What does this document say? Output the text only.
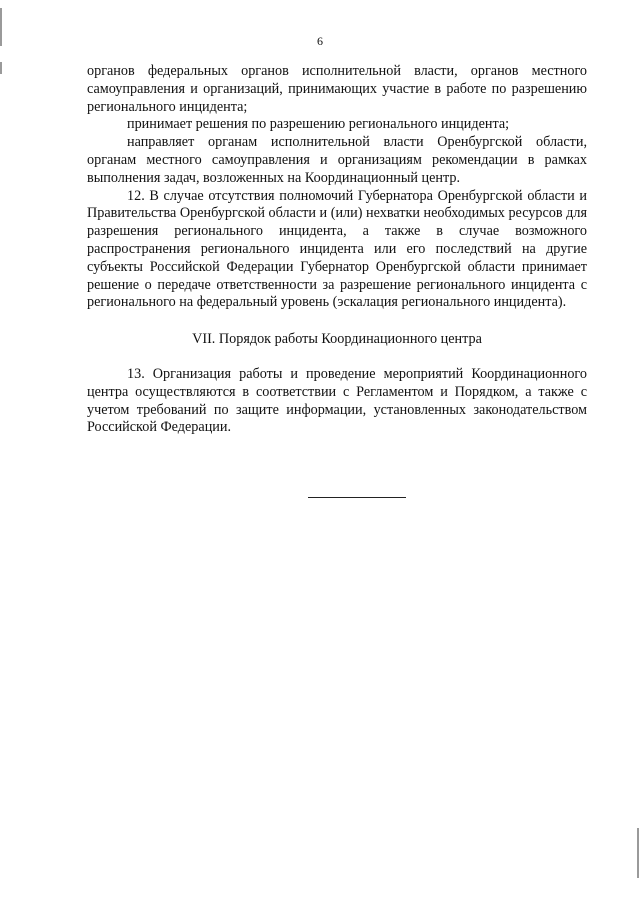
6

органов федеральных органов исполнительной власти, органов местного самоуправления и организаций, принимающих участие в работе по разрешению регионального инцидента;

принимает решения по разрешению регионального инцидента;

направляет органам исполнительной власти Оренбургской области, органам местного самоуправления и организациям рекомендации в рамках выполнения задач, возложенных на Координационный центр.

12. В случае отсутствия полномочий Губернатора Оренбургской области и Правительства Оренбургской области и (или) нехватки необходимых ресурсов для разрешения регионального инцидента, а также в случае возможного распространения регионального инцидента или его последствий на другие субъекты Российской Федерации Губернатор Оренбургской области принимает решение о передаче ответственности за разрешение регионального инцидента с регионального на федеральный уровень (эскалация регионального инцидента).

VII. Порядок работы Координационного центра

13. Организация работы и проведение мероприятий Координационного центра осуществляются в соответствии с Регламентом и Порядком, а также с учетом требований по защите информации, установленных законодательством Российской Федерации.
